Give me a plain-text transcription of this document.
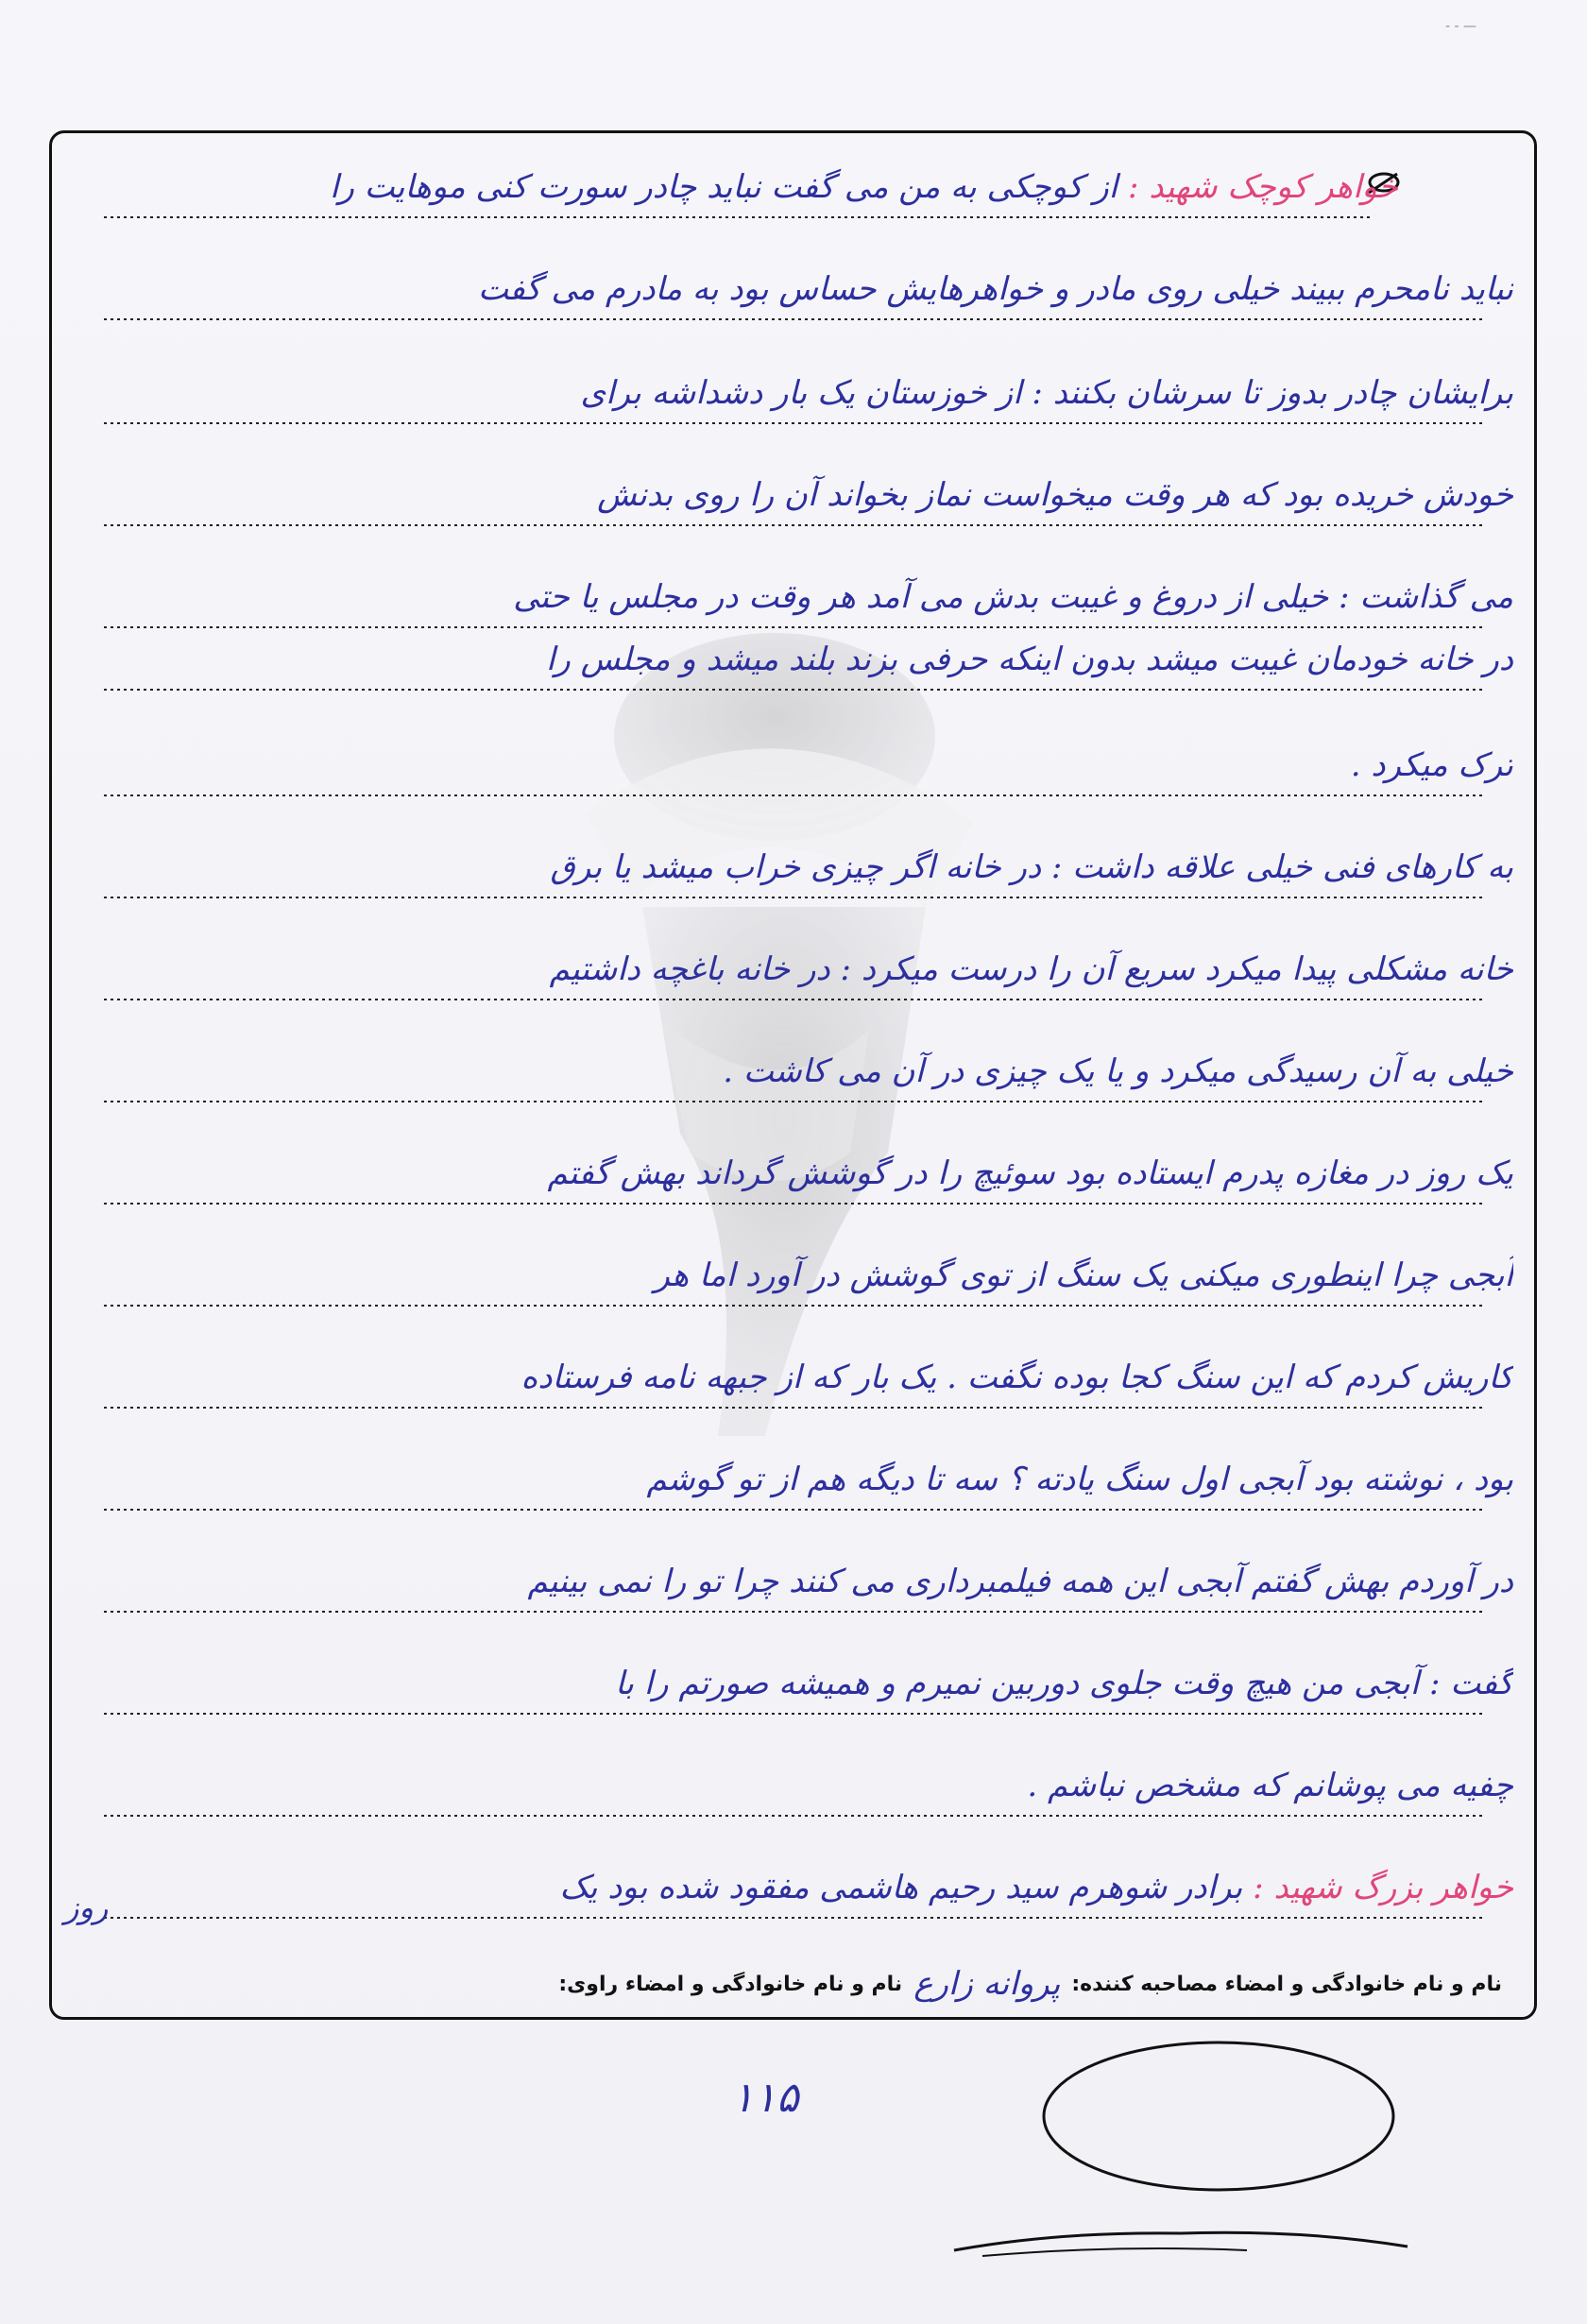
- - —
خواهر کوچک شهید : از کوچکی به من می گفت نباید چادر سورت کنی موهایت را
نباید نامحرم ببیند خیلی روی مادر و خواهرهایش حساس بود به مادرم می گفت
برایشان چادر بدوز تا سرشان بکنند : از خوزستان یک بار دشداشه برای
خودش خریده بود که هر وقت میخواست نماز بخواند آن را روی بدنش
می گذاشت : خیلی از دروغ و غیبت بدش می آمد هر وقت در مجلس یا حتی
در خانه خودمان غیبت میشد بدون اینکه حرفی بزند بلند میشد و مجلس را
ترک میکرد .
به کارهای فنی خیلی علاقه داشت : در خانه اگر چیزی خراب میشد یا برق
خانه مشکلی پیدا میکرد سریع آن را درست میکرد : در خانه باغچه داشتیم
خیلی به آن رسیدگی میکرد و یا یک چیزی در آن می کاشت .
یک روز در مغازه پدرم ایستاده بود سوئیچ را در گوشش گرداند بهش گفتم
آبجی چرا اینطوری میکنی یک سنگ از توی گوشش در آورد اما هر
کاریش کردم که این سنگ کجا بوده نگفت . یک بار که از جبهه نامه فرستاده
بود ، نوشته بود آبجی اول سنگ یادته ؟ سه تا دیگه هم از تو گوشم
در آوردم بهش گفتم آبجی این همه فیلمبرداری می کنند چرا تو را نمی بینیم
گفت : آبجی من هیچ وقت جلوی دوربین نمیرم و همیشه صورتم را با
چفیه می پوشانم که مشخص نباشم .
خواهر بزرگ شهید : برادر شوهرم سید رحیم هاشمی مفقود شده بود یک
روز
نام و نام خانوادگی و امضاء مصاحبه کننده:
پروانه زارع
نام و نام خانوادگی و امضاء راوی:
۱۱۵
